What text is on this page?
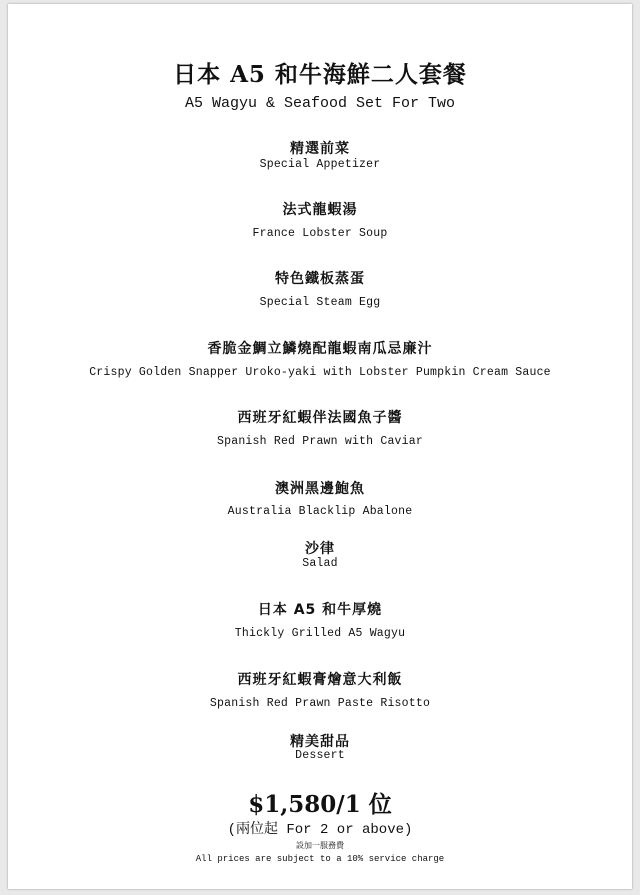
日本 A5 和牛海鮮二人套餐
A5 Wagyu & Seafood Set For Two
精選前菜
Special Appetizer
法式龍蝦湯
France Lobster Soup
特色鐵板蒸蛋
Special Steam Egg
香脆金鯛立鱗燒配龍蝦南瓜忌廉汁
Crispy Golden Snapper Uroko-yaki with Lobster Pumpkin Cream Sauce
西班牙紅蝦伴法國魚子醬
Spanish Red Prawn with Caviar
澳洲黑邊鮑魚
Australia Blacklip Abalone
沙律
Salad
日本 A5 和牛厚燒
Thickly Grilled A5 Wagyu
西班牙紅蝦膏燴意大利飯
Spanish Red Prawn Paste Risotto
精美甜品
Dessert
$1,580/1 位
(兩位起 For 2 or above)
設加一服務費
All prices are subject to a 10% service charge
